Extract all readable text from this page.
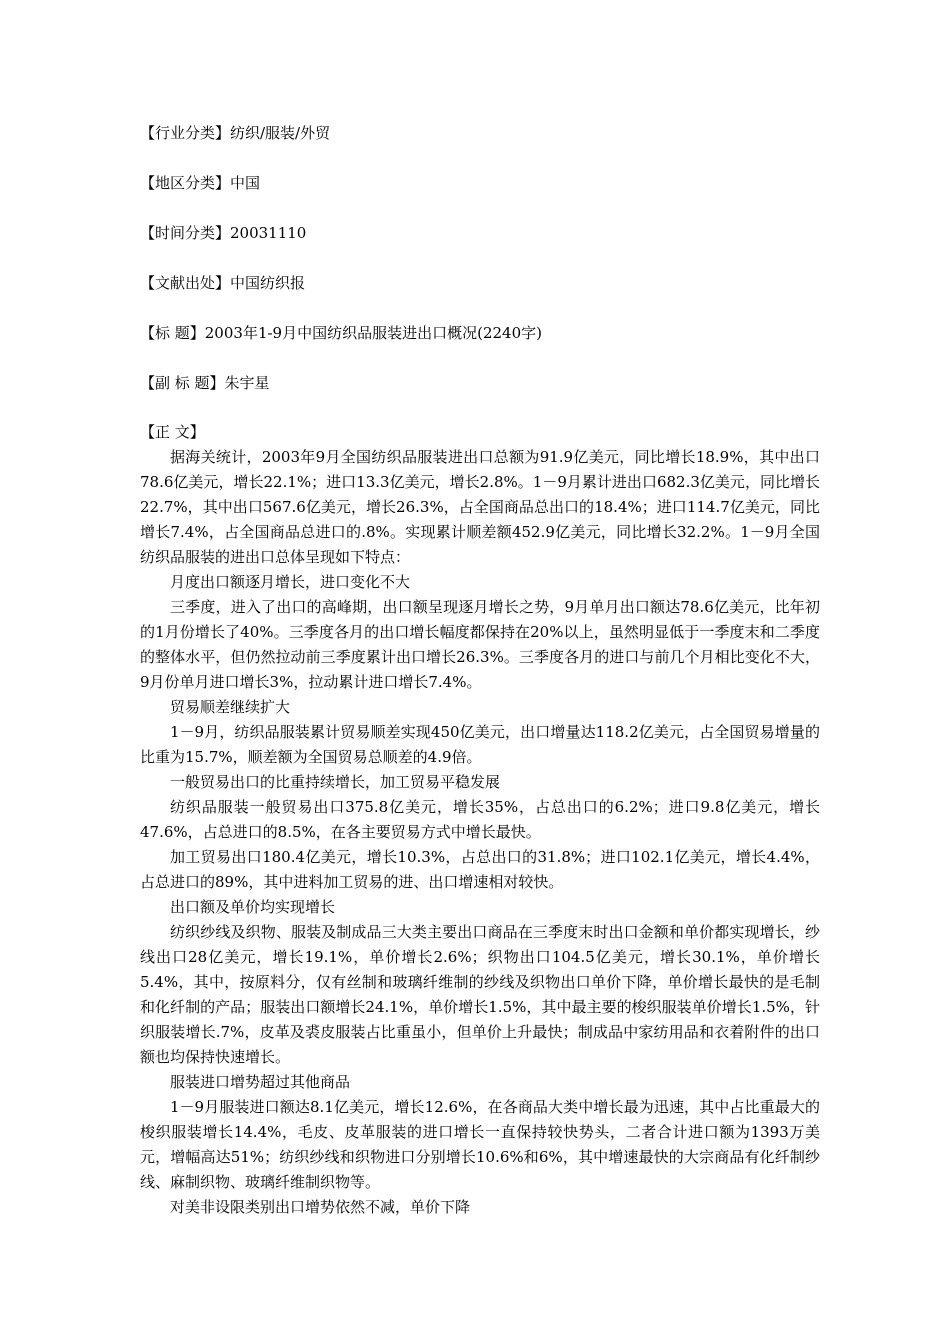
【行业分类】纺织/服装/外贸
【地区分类】中国
【时间分类】20031110
【文献出处】中国纺织报
【标 题】2003年1-9月中国纺织品服装进出口概况(2240字)
【副 标 题】朱宇星
【正 文】

据海关统计，2003年9月全国纺织品服装进出口总额为91.9亿美元，同比增长18.9%，其中出口78.6亿美元，增长22.1%；进口13.3亿美元，增长2.8%。1－9月累计进出口682.3亿美元，同比增长22.7%，其中出口567.6亿美元，增长26.3%，占全国商品总出口的18.4%；进口114.7亿美元，同比增长7.4%，占全国商品总进口的.8%。实现累计顺差额452.9亿美元，同比增长32.2%。1－9月全国纺织品服装的进出口总体呈现如下特点：

月度出口额逐月增长，进口变化不大

三季度，进入了出口的高峰期，出口额呈现逐月增长之势，9月单月出口额达78.6亿美元，比年初的1月份增长了40%。三季度各月的出口增长幅度都保持在20%以上，虽然明显低于一季度末和二季度的整体水平，但仍然拉动前三季度累计出口增长26.3%。三季度各月的进口与前几个月相比变化不大，9月份单月进口增长3%，拉动累计进口增长7.4%。

贸易顺差继续扩大

1－9月，纺织品服装累计贸易顺差实现450亿美元，出口增量达118.2亿美元，占全国贸易增量的比重为15.7%，顺差额为全国贸易总顺差的4.9倍。

一般贸易出口的比重持续增长，加工贸易平稳发展

纺织品服装一般贸易出口375.8亿美元，增长35%，占总出口的6.2%；进口9.8亿美元，增长47.6%，占总进口的8.5%，在各主要贸易方式中增长最快。

加工贸易出口180.4亿美元，增长10.3%，占总出口的31.8%；进口102.1亿美元，增长4.4%，占总进口的89%，其中进料加工贸易的进、出口增速相对较快。

出口额及单价均实现增长

纺织纱线及织物、服装及制成品三大类主要出口商品在三季度末时出口金额和单价都实现增长，纱线出口28亿美元，增长19.1%，单价增长2.6%；织物出口104.5亿美元，增长30.1%，单价增长5.4%，其中，按原料分，仅有丝制和玻璃纤维制的纱线及织物出口单价下降，单价增长最快的是毛制和化纤制的产品；服装出口额增长24.1%，单价增长1.5%，其中最主要的梭织服装单价增长1.5%，针织服装增长.7%，皮革及裘皮服装占比重虽小，但单价上升最快；制成品中家纺用品和衣着附件的出口额也均保持快速增长。

服装进口增势超过其他商品

1－9月服装进口额达8.1亿美元，增长12.6%，在各商品大类中增长最为迅速，其中占比重最大的梭织服装增长14.4%，毛皮、皮革服装的进口增长一直保持较快势头，二者合计进口额为1393万美元，增幅高达51%；纺织纱线和织物进口分别增长10.6%和6%，其中增速最快的大宗商品有化纤制纱线、麻制织物、玻璃纤维制织物等。

对美非设限类别出口增势依然不减，单价下降
